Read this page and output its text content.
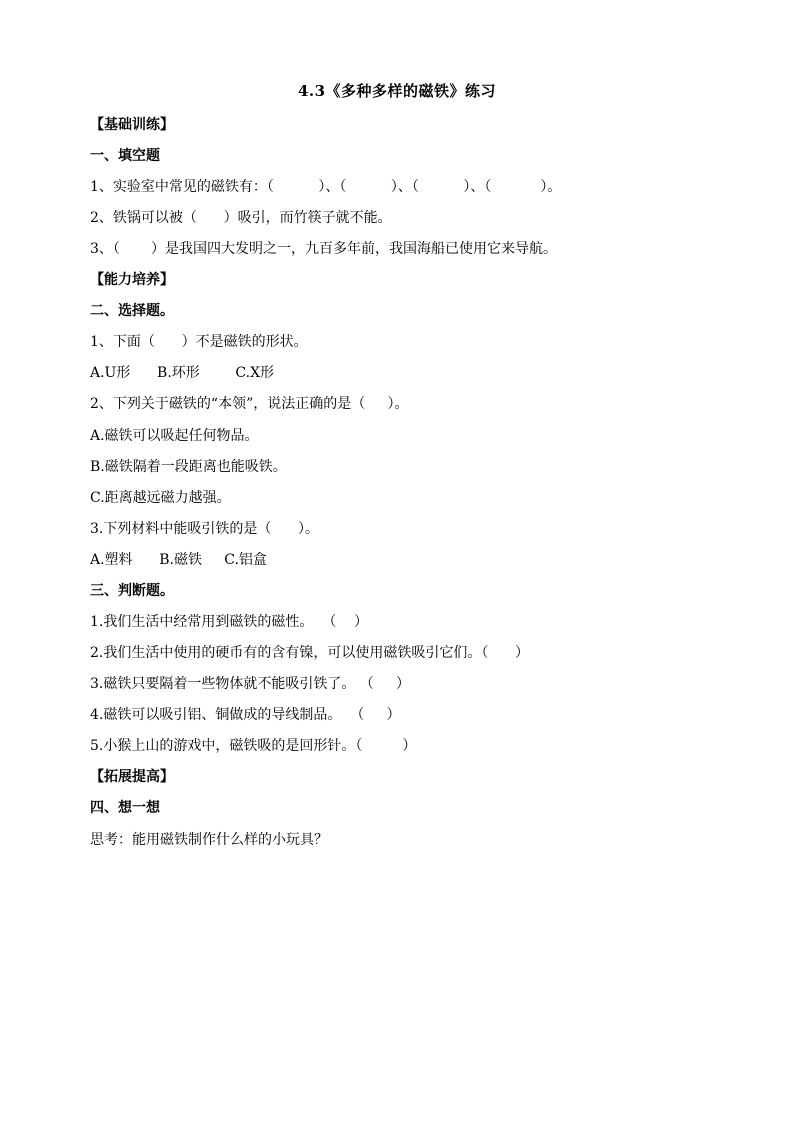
4.3《多种多样的磁铁》练习
【基础训练】
一、填空题
1、实验室中常见的磁铁有：（          ）、（          ）、（          ）、（           ）。
2、铁锅可以被（      ）吸引，而竹筷子就不能。
3、（       ）是我国四大发明之一，九百多年前，我国海船已使用它来导航。
【能力培养】
二、选择题。
1、下面（      ）不是磁铁的形状。
A.U形      B.环形        C.X形
2、下列关于磁铁的“本领”，说法正确的是（     ）。
A.磁铁可以吸起任何物品。
B.磁铁隔着一段距离也能吸铁。
C.距离越远磁力越强。
3.下列材料中能吸引铁的是（      ）。
A.塑料      B.磁铁     C.铝盒
三、判断题。
1.我们生活中经常用到磁铁的磁性。  （    ）
2.我们生活中使用的硬币有的含有镍，可以使用磁铁吸引它们。（      ）
3.磁铁只要隔着一些物体就不能吸引铁了。 （     ）
4.磁铁可以吸引铝、铜做成的导线制品。  （     ）
5.小猴上山的游戏中，磁铁吸的是回形针。（         ）
【拓展提高】
四、想一想
思考：能用磁铁制作什么样的小玩具？
